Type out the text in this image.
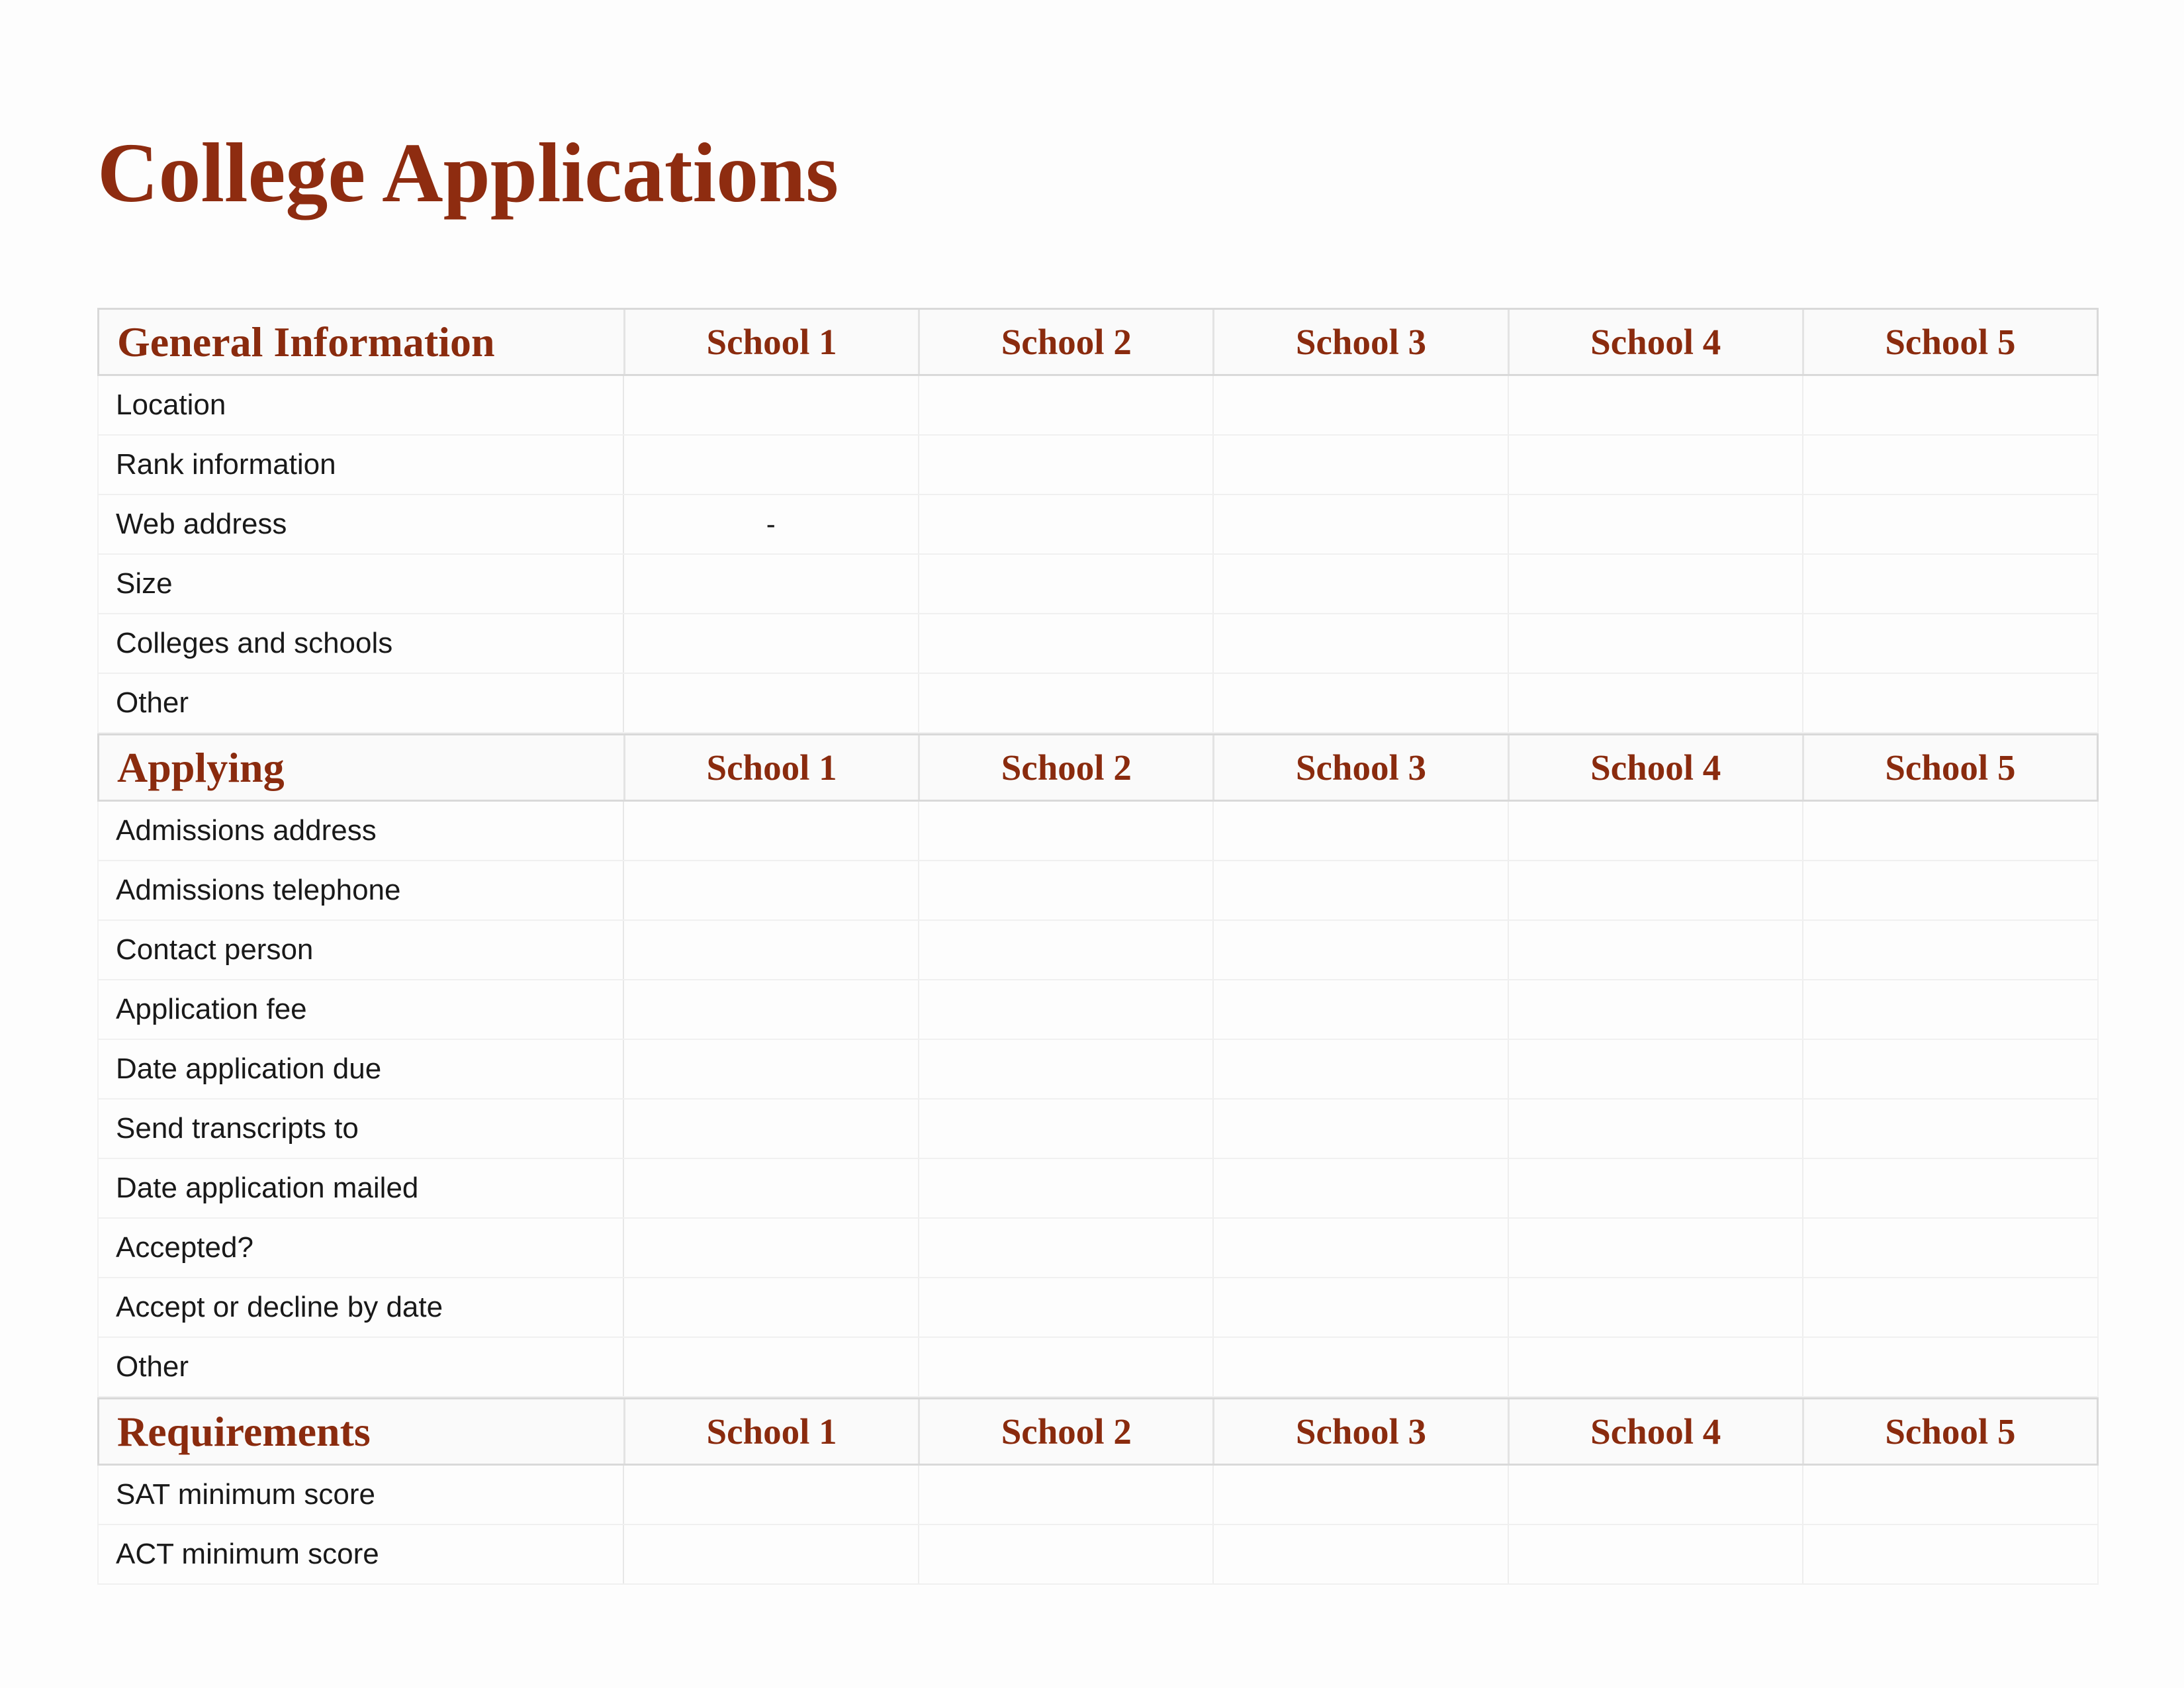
College Applications
General Information	School 1	School 2	School 3	School 4	School 5
Location
Rank information
Web address	-
Size
Colleges and schools
Other
Applying	School 1	School 2	School 3	School 4	School 5
Admissions address
Admissions telephone
Contact person
Application fee
Date application due
Send transcripts to
Date application mailed
Accepted?
Accept or decline by date
Other
Requirements	School 1	School 2	School 3	School 4	School 5
SAT minimum score
ACT minimum score
